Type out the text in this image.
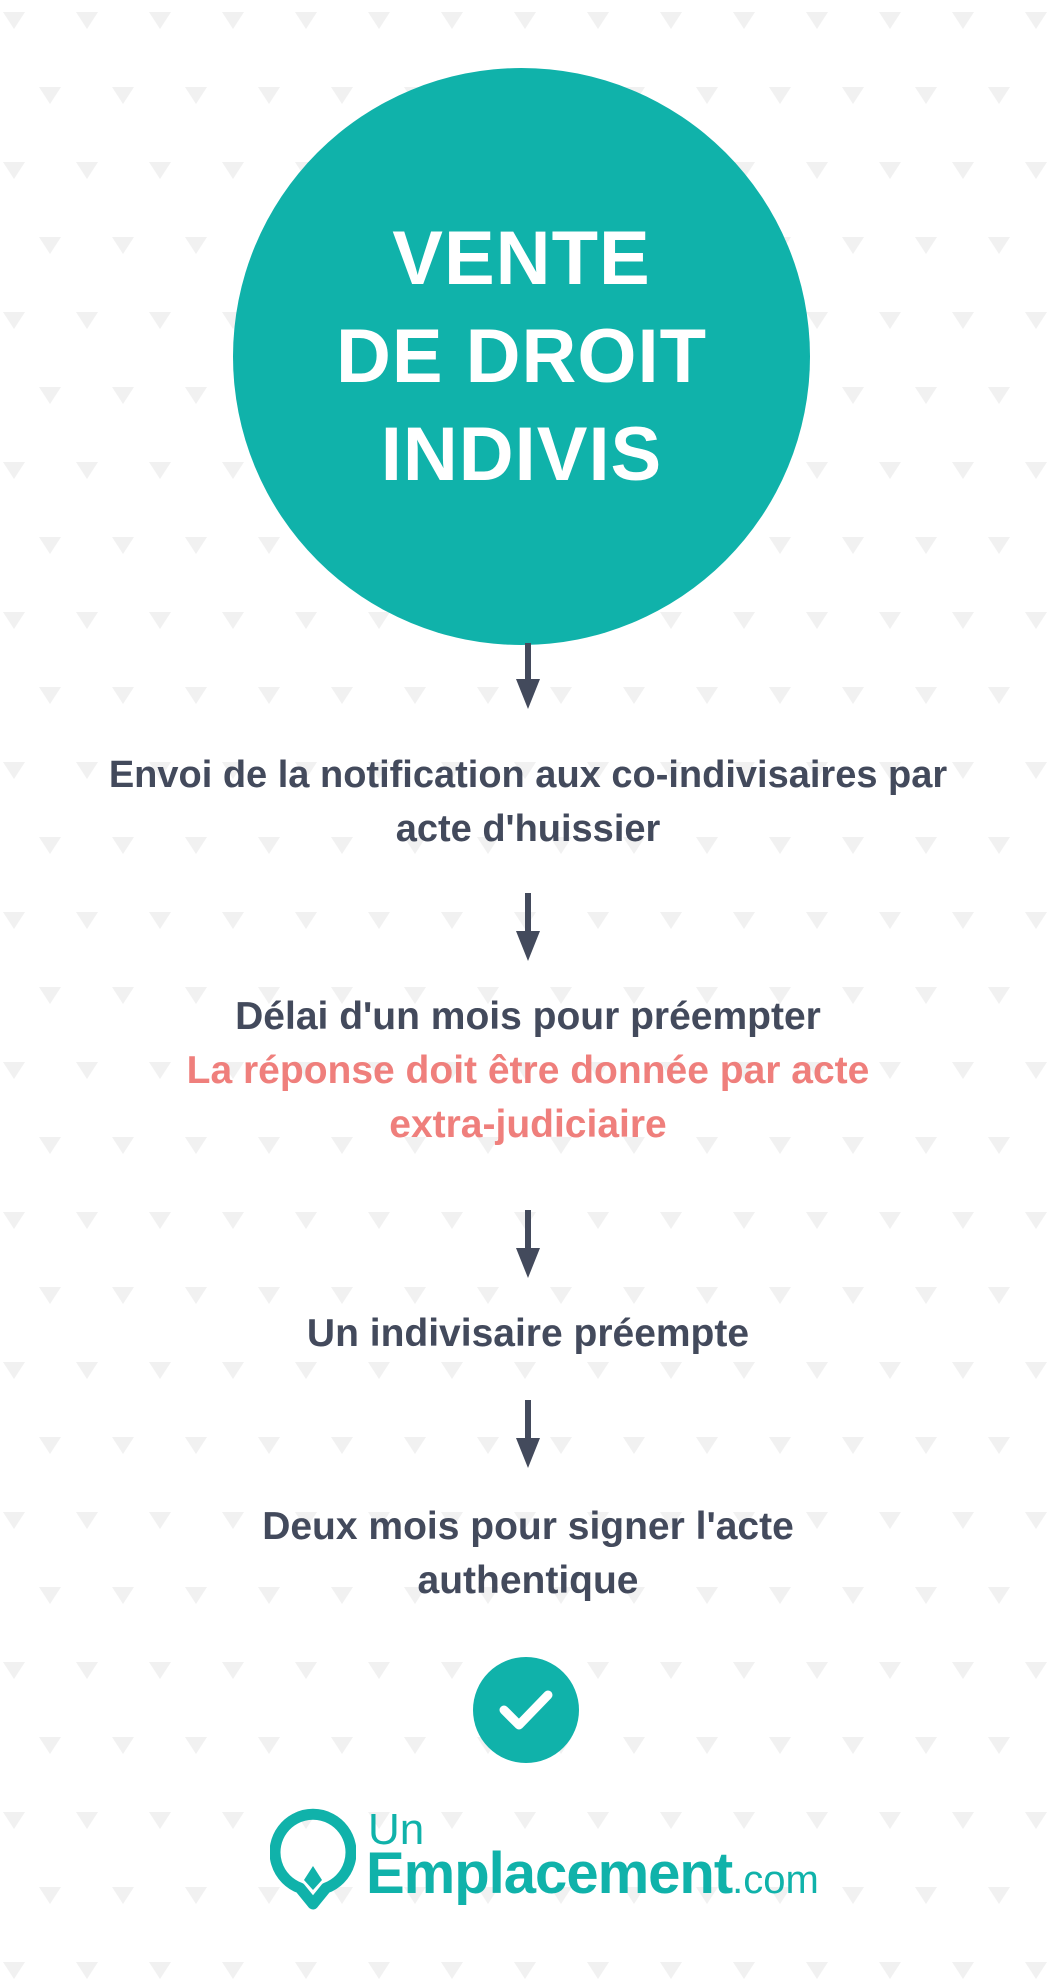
VENTE
DE DROIT
INDIVIS
Envoi de la notification aux co-indivisaires par
acte d'huissier
Délai d'un mois pour préempter
La réponse doit être donnée par acte
extra-judiciaire
Un indivisaire préempte
Deux mois pour signer l'acte
authentique
Un
Emplacement.com
